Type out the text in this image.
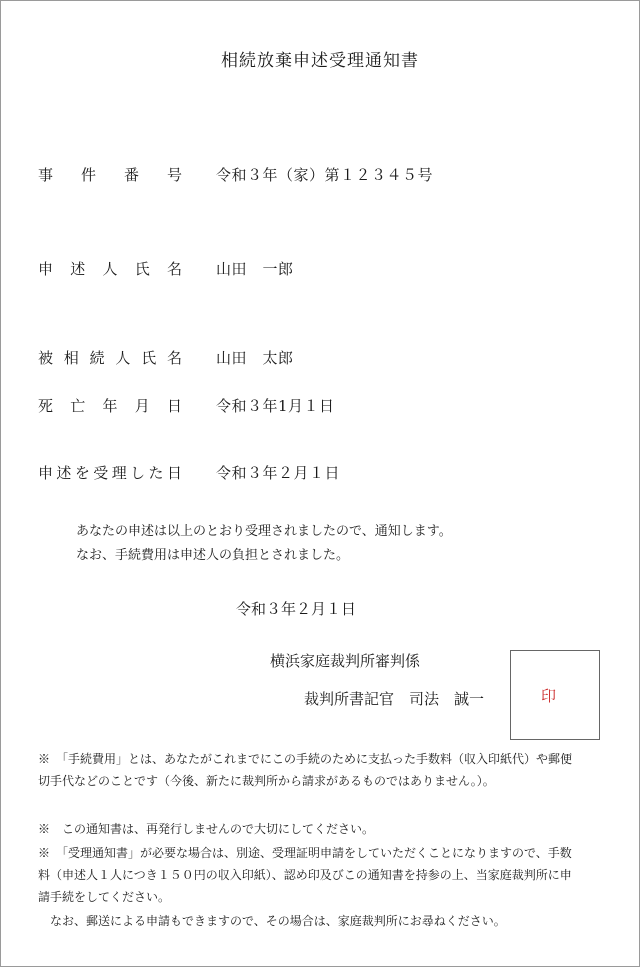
相続放棄申述受理通知書
事件番号 令和３年（家）第１２３４５号
申述人氏名 山田　一郎
被相続人氏名 山田　太郎
死亡年月日 令和３年1月１日
申述を受理した日 令和３年２月１日
あなたの申述は以上のとおり受理されましたので、通知します。
なお、手続費用は申述人の負担とされました。
令和３年２月１日
横浜家庭裁判所審判係
裁判所書記官　司法　誠一	印
※　「手続費用」とは、あなたがこれまでにこの手続のために支払った手数料（収入印紙代）や郵便切手代などのことです（今後、新たに裁判所から請求があるものではありません。）。
※　この通知書は、再発行しませんので大切にしてください。
※　「受理通知書」が必要な場合は、別途、受理証明申請をしていただくことになりますので、手数料（申述人１人につき１５０円の収入印紙）、認め印及びこの通知書を持参の上、当家庭裁判所に申請手続をしてください。
　なお、郵送による申請もできますので、その場合は、家庭裁判所にお尋ねください。
